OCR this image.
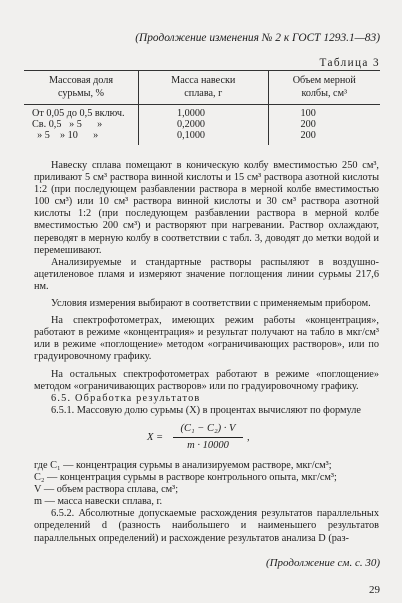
(Продолжение изменения № 2 к ГОСТ 1293.1—83)
Таблица 3
Массовая доля сурьмы, %	Масса навески сплава, г	Объем мерной колбы, см³
От 0,05 до 0,5 включ.	1,0000	100
Св. 0,5   » 5      »	0,2000	200
» 5    » 10      »	0,1000	200

Навеску сплава помещают в коническую колбу вместимостью 250 см³, приливают 5 см³ раствора винной кислоты и 15 см³ раствора азотной кислоты 1:2 (при последующем разбавлении раствора в мерной колбе вместимостью 100 см³) или 10 см³ раствора винной кислоты и 30 см³ раствора азотной кислоты 1:2 (при последующем разбавлении раствора в мерной колбе вместимостью 200 см³) и растворяют при нагревании. Раствор охлаждают, переводят в мерную колбу в соответствии с табл. 3, доводят до метки водой и перемешивают.

Анализируемые и стандартные растворы распыляют в воздушно-ацетиленовое пламя и измеряют значение поглощения линии сурьмы 217,6 нм.

Условия измерения выбирают в соответствии с применяемым прибором.

На спектрофотометрах, имеющих режим работы «концентрация», работают в режиме «концентрация» и результат получают на табло в мкг/см³ или в режиме «поглощение» методом «ограничивающих растворов», или по градуировочному графику.

На остальных спектрофотометрах работают в режиме «поглощение» методом «ограничивающих растворов» или по градуировочному графику.

6.5. Обработка результатов

6.5.1. Массовую долю сурьмы (X) в процентах вычисляют по формуле

X =
(C₁ − C₂) · V
m · 10000
,
где C₁ — концентрация сурьмы в анализируемом растворе, мкг/см³;
C₂ — концентрация сурьмы в растворе контрольного опыта, мкг/см³;
V — объем раствора сплава, см³;
m — масса навески сплава, г.

6.5.2. Абсолютные допускаемые расхождения результатов параллельных определений d (разность наибольшего и наименьшего результатов параллельных определений) и расхождение результатов анализа D (раз-

(Продолжение см. с. 30)
29
